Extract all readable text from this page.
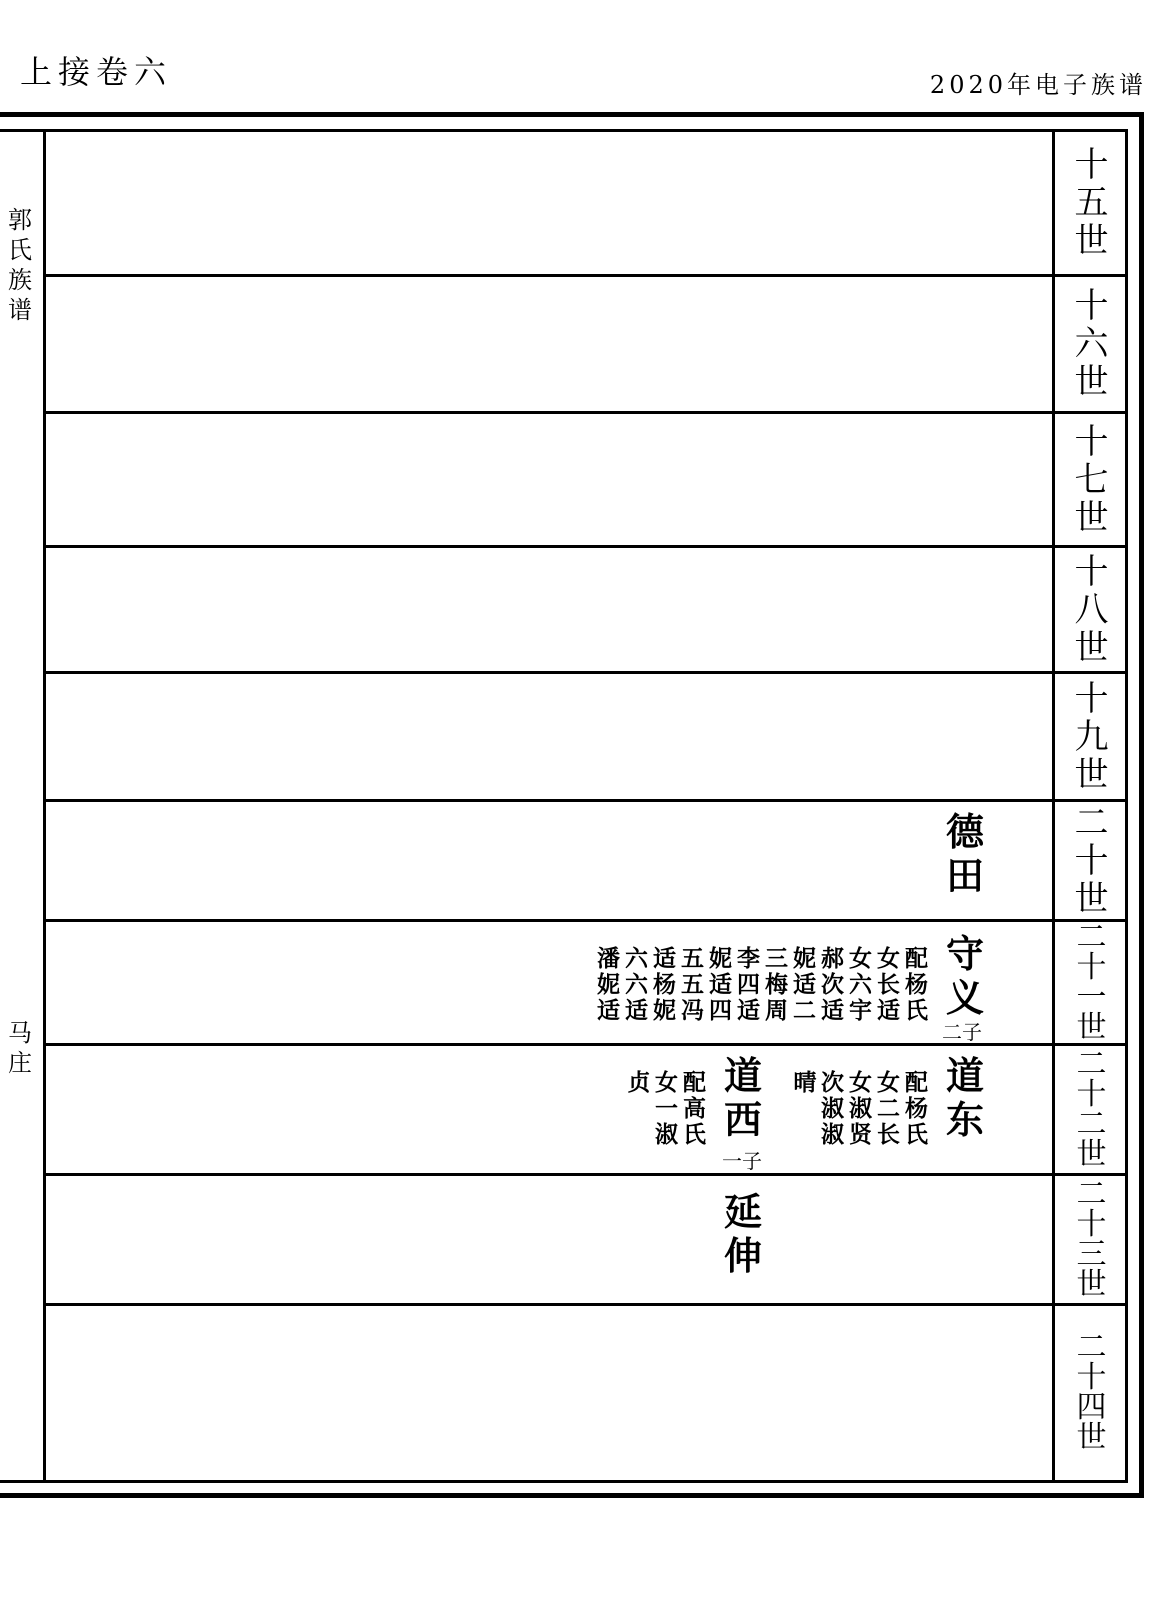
上接卷六	2020年电子族谱
郭氏族谱
马庄
十五世
十六世
十七世
十八世
十九世
二十世
二十一世
二十二世
二十三世
二十四世
德田
守义
二子
配杨氏
女长适
女六宇
郝次适
妮适二
三梅周
李四适
妮适四
五五冯
适杨妮
六六适
潘妮适
道东
配杨氏
女二长
女淑贤
次淑淑
晴
道西
一子
配高氏
女一淑
贞
延伸
